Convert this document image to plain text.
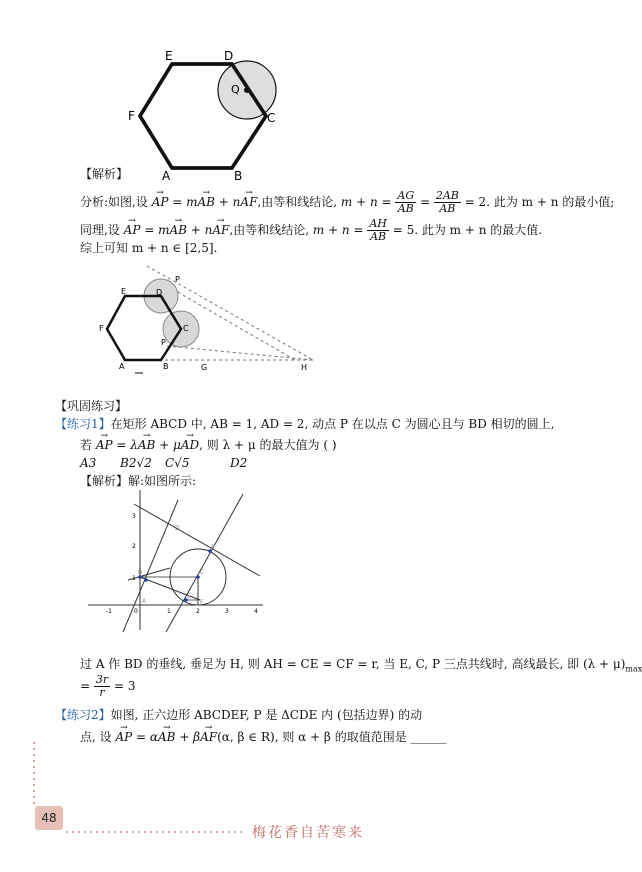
E	D
F	C
A	B
Q
【解析】
分析:如图,设 → AP = m→ AB + n→ AF,由等和线结论, $m + n = \frac{AG}{AB} = \frac{2AB}{AB} = 2$. 此为 m + n 的最小值;
同理,设 → AP = m→ AB + n→ AF,由等和线结论, $m + n = \frac{AH}{AB} = 5$. 此为 m + n 的最大值.
综上可知 m + n ∈ [2,5].
E	D
P
F	C
P
A	B	G	H
【巩固练习】
【练习1】在矩形 ABCD 中, AB = 1, AD = 2, 动点 P 在以点 C 为圆心且与 BD 相切的圆上,
若 → AP = λ→ AB + μ→ AD, 则 λ + μ 的最大值为 ( )
A3 B2√2 C√5	D2
【解析】解:如图所示:
1
2
3
-1	0	1	2	3	4
B
A
C
D
E
F
P
过 A 作 BD 的垂线, 垂足为 H, 则 AH = CE = CF = r, 当 E, C, P 三点共线时, 高线最长, 即 $(\lambda + \mu)_{max}$
= $\frac{3r}{r} = 3$
【练习2】如图, 正六边形 ABCDEF, P 是 ΔCDE 内 (包括边界) 的动
点, 设 → AP = α→ AB + β→ AF(α, β ∈ R), 则 α + β 的取值范围是 ______
48
梅花香自苦寒来
